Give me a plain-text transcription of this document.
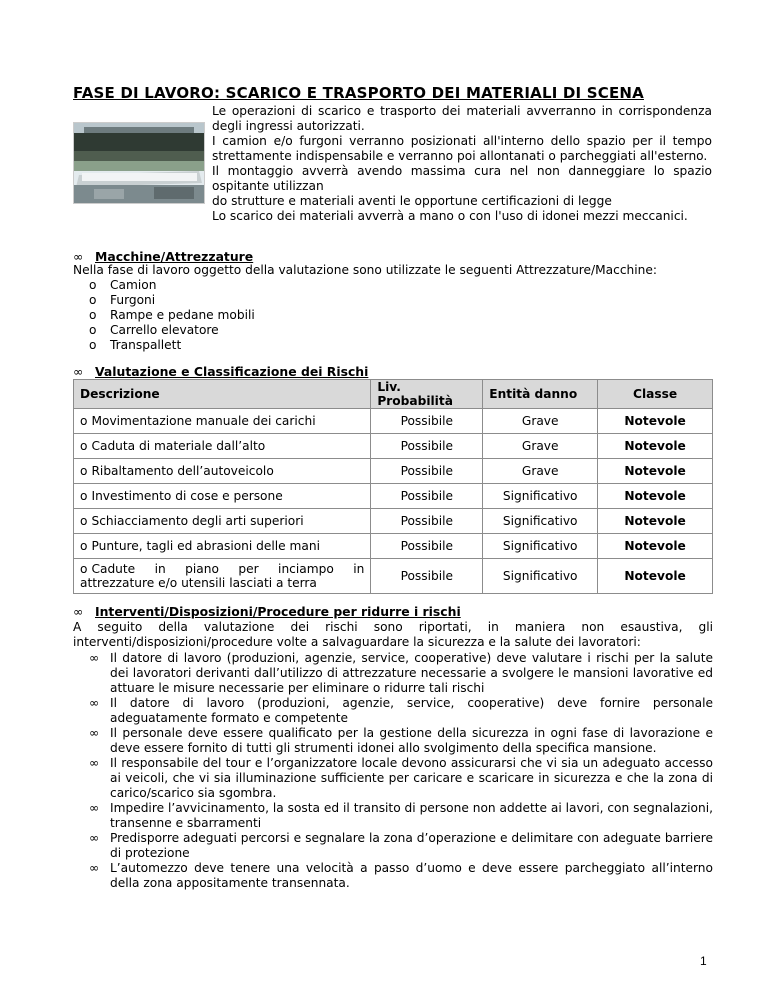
FASE DI LAVORO: SCARICO E TRASPORTO DEI MATERIALI DI SCENA

Le operazioni di scarico e trasporto dei materiali avverranno in corrispondenza degli ingressi autorizzati.

I camion e/o furgoni verranno posizionati all'interno dello spazio per il tempo strettamente indispensabile e verranno poi allontanati o parcheggiati all'esterno.

Il montaggio avverrà avendo massima cura nel non danneggiare lo spazio ospitante utilizzan

do strutture e materiali aventi le opportune certificazioni di legge

Lo scarico dei materiali avverrà a mano o con l'uso di idonei mezzi meccanici.

∞ Macchine/Attrezzature
Nella fase di lavoro oggetto della valutazione sono utilizzate le seguenti Attrezzature/Macchine:
o Camion
o Furgoni
o Rampe e pedane mobili
o Carrello elevatore
o Transpallett
∞ Valutazione e Classificazione dei Rischi
Descrizione	Liv. Probabilità	Entità danno	Classe
o Movimentazione manuale dei carichi	Possibile	Grave	Notevole
o Caduta di materiale dall’alto	Possibile	Grave	Notevole
o Ribaltamento dell’autoveicolo	Possibile	Grave	Notevole
o Investimento di cose e persone	Possibile	Significativo	Notevole
o Schiacciamento degli arti superiori	Possibile	Significativo	Notevole
o Punture, tagli ed abrasioni delle mani	Possibile	Significativo	Notevole
o Cadute in piano per inciampo in attrezzature e/o utensili lasciati a terra	Possibile	Significativo	Notevole
∞ Interventi/Disposizioni/Procedure per ridurre i rischi

A seguito della valutazione dei rischi sono riportati, in maniera non esaustiva, gli interventi/disposizioni/procedure volte a salvaguardare la sicurezza e la salute dei lavoratori:

∞ Il datore di lavoro (produzioni, agenzie, service, cooperative) deve valutare i rischi per la salute dei lavoratori derivanti dall’utilizzo di attrezzature necessarie a svolgere le mansioni lavorative ed attuare le misure necessarie per eliminare o ridurre tali rischi
∞ Il datore di lavoro (produzioni, agenzie, service, cooperative) deve fornire personale adeguatamente formato e competente
∞ Il personale deve essere qualificato per la gestione della sicurezza in ogni fase di lavorazione e deve essere fornito di tutti gli strumenti idonei allo svolgimento della specifica mansione.
∞ Il responsabile del tour e l’organizzatore locale devono assicurarsi che vi sia un adeguato accesso ai veicoli, che vi sia illuminazione sufficiente per caricare e scaricare in sicurezza e che la zona di carico/scarico sia sgombra.
∞ Impedire l’avvicinamento, la sosta ed il transito di persone non addette ai lavori, con segnalazioni, transenne e sbarramenti
∞ Predisporre adeguati percorsi e segnalare la zona d’operazione e delimitare con adeguate barriere di protezione
∞ L’automezzo deve tenere una velocità a passo d’uomo e deve essere parcheggiato all’interno della zona appositamente transennata.
1
